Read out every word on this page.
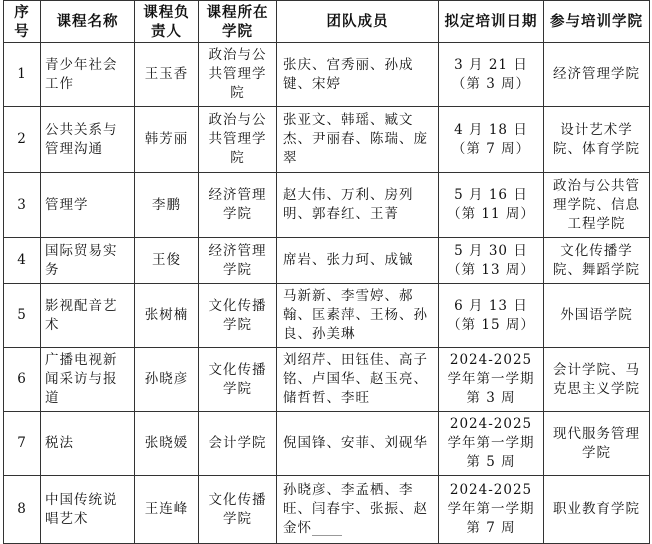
序号	课程名称	课程负责人	课程所在学院	团队成员	拟定培训日期	参与培训学院
1	青少年社会工作	王玉香	政治与公共管理学院	张庆、宫秀丽、孙成键、宋婷	3 月 21 日（第 3 周）	经济管理学院
2	公共关系与管理沟通	韩芳丽	政治与公共管理学院	张亚文、韩瑶、臧文杰、尹丽春、陈瑞、庞翠	4 月 18 日（第 7 周）	设计艺术学院、体育学院
3	管理学	李鹏	经济管理学院	赵大伟、万利、房列明、郭春红、王菁	5 月 16 日（第 11 周）	政治与公共管理学院、信息工程学院
4	国际贸易实务	王俊	经济管理学院	席岩、张力珂、成铖	5 月 30 日（第 13 周）	文化传播学院、舞蹈学院
5	影视配音艺术	张树楠	文化传播学院	马新新、李雪婷、郝翰、匡素萍、王杨、孙良、孙美琳	6 月 13 日（第 15 周）	外国语学院
6	广播电视新闻采访与报道	孙晓彦	文化传播学院	刘绍芹、田钰佳、高子铭、卢国华、赵玉亮、储哲哲、李旺	2024-2025 学年第一学期第 3 周	会计学院、马克思主义学院
7	税法	张晓媛	会计学院	倪国锋、安菲、刘砚华	2024-2025 学年第一学期第 5 周	现代服务管理学院
8	中国传统说唱艺术	王连峰	文化传播学院	孙晓彦、李孟栖、李旺、闫春宇、张振、赵金怀	2024-2025 学年第一学期第 7 周	职业教育学院
